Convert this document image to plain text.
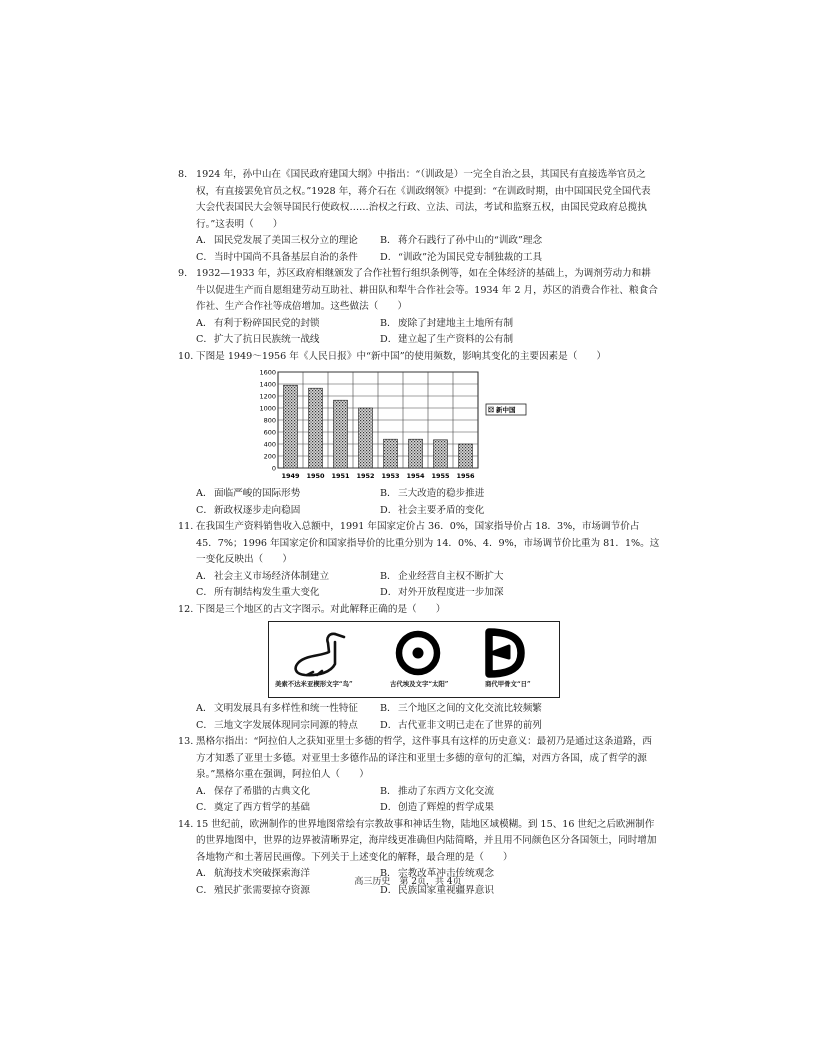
8. 1924 年，孙中山在《国民政府建国大纲》中指出：“（训政是）一完全自治之县，其国民有直接选举官员之权，有直接罢免官员之权。”1928 年，蒋介石在《训政纲领》中提到：“在训政时期，由中国国民党全国代表大会代表国民大会领导国民行使政权……治权之行政、立法、司法，考试和监察五权，由国民党政府总揽执行。”这表明（　　）

A．国民党发展了美国三权分立的理论	B．蒋介石践行了孙中山的“训政”理念
C．当时中国尚不具备基层自治的条件	D．“训政”沦为国民党专制独裁的工具

9. 1932—1933 年，苏区政府相继颁发了合作社暂行组织条例等，如在全体经济的基础上，为调剂劳动力和耕牛以促进生产而自愿组建劳动互助社、耕田队和犁牛合作社会等。1934 年 2 月，苏区的消费合作社、粮食合作社、生产合作社等成倍增加。这些做法（　　）

A．有利于粉碎国民党的封锁	B．废除了封建地主土地所有制
C．扩大了抗日民族统一战线	D．建立起了生产资料的公有制

10. 下图是 1949～1956 年《人民日报》中“新中国”的使用频数，影响其变化的主要因素是（　　）

0
200
400
600
800
1000
1200
1400
1600
1949 1950 1951 1952 1953 1954 1955 1956
新中国
A．面临严峻的国际形势	B．三大改造的稳步推进
C．新政权逐步走向稳固	D．社会主要矛盾的变化

11. 在我国生产资料销售收入总额中，1991 年国家定价占 36．0%，国家指导价占 18．3%，市场调节价占 45．7%；1996 年国家定价和国家指导价的比重分别为 14．0%、4．9%，市场调节价比重为 81．1%。这一变化反映出（　　）

A．社会主义市场经济体制建立	B．企业经营自主权不断扩大
C．所有制结构发生重大变化	D．对外开放程度进一步加深

12. 下图是三个地区的古文字图示。对此解释正确的是（　　）

美索不达米亚楔形文字“鸟”	古代埃及文字“太阳”	商代甲骨文“日”
A．文明发展具有多样性和统一性特征	B．三个地区之间的文化交流比较频繁
C．三地文字发展体现同宗同源的特点	D．古代亚非文明已走在了世界的前列

13. 黑格尔指出：“阿拉伯人之获知亚里士多德的哲学，这件事具有这样的历史意义：最初乃是通过这条道路，西方才知悉了亚里士多德。对亚里士多德作品的译注和亚里士多德的章句的汇编，对西方各国，成了哲学的源泉。”黑格尔重在强调，阿拉伯人（　　）

A．保存了希腊的古典文化	B．推动了东西方文化交流
C．奠定了西方哲学的基础	D．创造了辉煌的哲学成果

14. 15 世纪前，欧洲制作的世界地图常绘有宗教故事和神话生物，陆地区域模糊。到 15、16 世纪之后欧洲制作的世界地图中，世界的边界被清晰界定，海岸线更准确但内陆简略，并且用不同颜色区分各国领土，同时增加各地物产和土著居民画像。下列关于上述变化的解释，最合理的是（　　）

A．航海技术突破探索海洋	B．宗教改革冲击传统观念
C．殖民扩张需要掠夺资源	D．民族国家重视疆界意识
高三历史　第 2页，共 4页
